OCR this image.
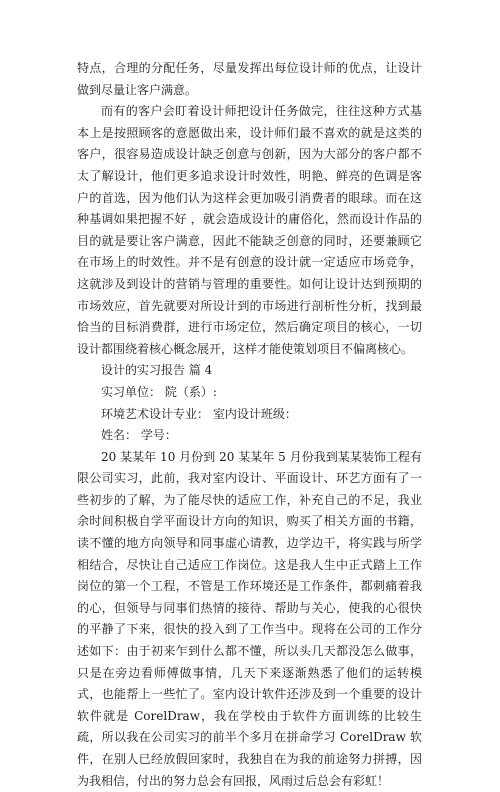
特点，合理的分配任务，尽量发挥出每位设计师的优点，让设计做到尽量让客户满意。

而有的客户会盯着设计师把设计任务做完，往往这种方式基本上是按照顾客的意愿做出来，设计师们最不喜欢的就是这类的客户，很容易造成设计缺乏创意与创新，因为大部分的客户都不太了解设计，他们更多追求设计时效性，明艳、鲜亮的色调是客户的首选，因为他们认为这样会更加吸引消费者的眼球。而在这种基调如果把握不好 ，就会造成设计的庸俗化，然而设计作品的目的就是要让客户满意，因此不能缺乏创意的同时，还要兼顾它在市场上的时效性。并不是有创意的设计就一定适应市场竞争，这就涉及到设计的营销与管理的重要性。如何让设计达到预期的市场效应，首先就要对所设计到的市场进行剖析性分析，找到最恰当的目标消费群，进行市场定位，然后确定项目的核心，一切设计都围绕着核心概念展开，这样才能使策划项目不偏离核心。

设计的实习报告 篇 4

实习单位： 院（系）:

环境艺术设计专业： 室内设计班级：

姓名： 学号：

20 某某年 10 月份到 20 某某年 5 月份我到某某装饰工程有限公司实习，此前，我对室内设计、平面设计、环艺方面有了一些初步的了解，为了能尽快的适应工作，补充自己的不足，我业余时间积极自学平面设计方向的知识，购买了相关方面的书籍，读不懂的地方向领导和同事虚心请教，边学边干，将实践与所学相结合，尽快让自己适应工作岗位。这是我人生中正式踏上工作岗位的第一个工程，不管是工作环境还是工作条件，都刺痛着我的心，但领导与同事们热情的接待、帮助与关心，使我的心很快的平静了下来，很快的投入到了工作当中。现将在公司的工作分述如下：由于初来乍到什么都不懂，所以头几天都没怎么做事，只是在旁边看师傅做事情，几天下来逐渐熟悉了他们的运转模式，也能帮上一些忙了。室内设计软件还涉及到一个重要的设计软件就是 CorelDraw，我在学校由于软件方面训练的比较生疏，所以我在公司实习的前半个多月在拼命学习 CorelDraw 软件，在别人已经放假回家时，我独自在为我的前途努力拼搏，因为我相信，付出的努力总会有回报，风雨过后总会有彩虹！
